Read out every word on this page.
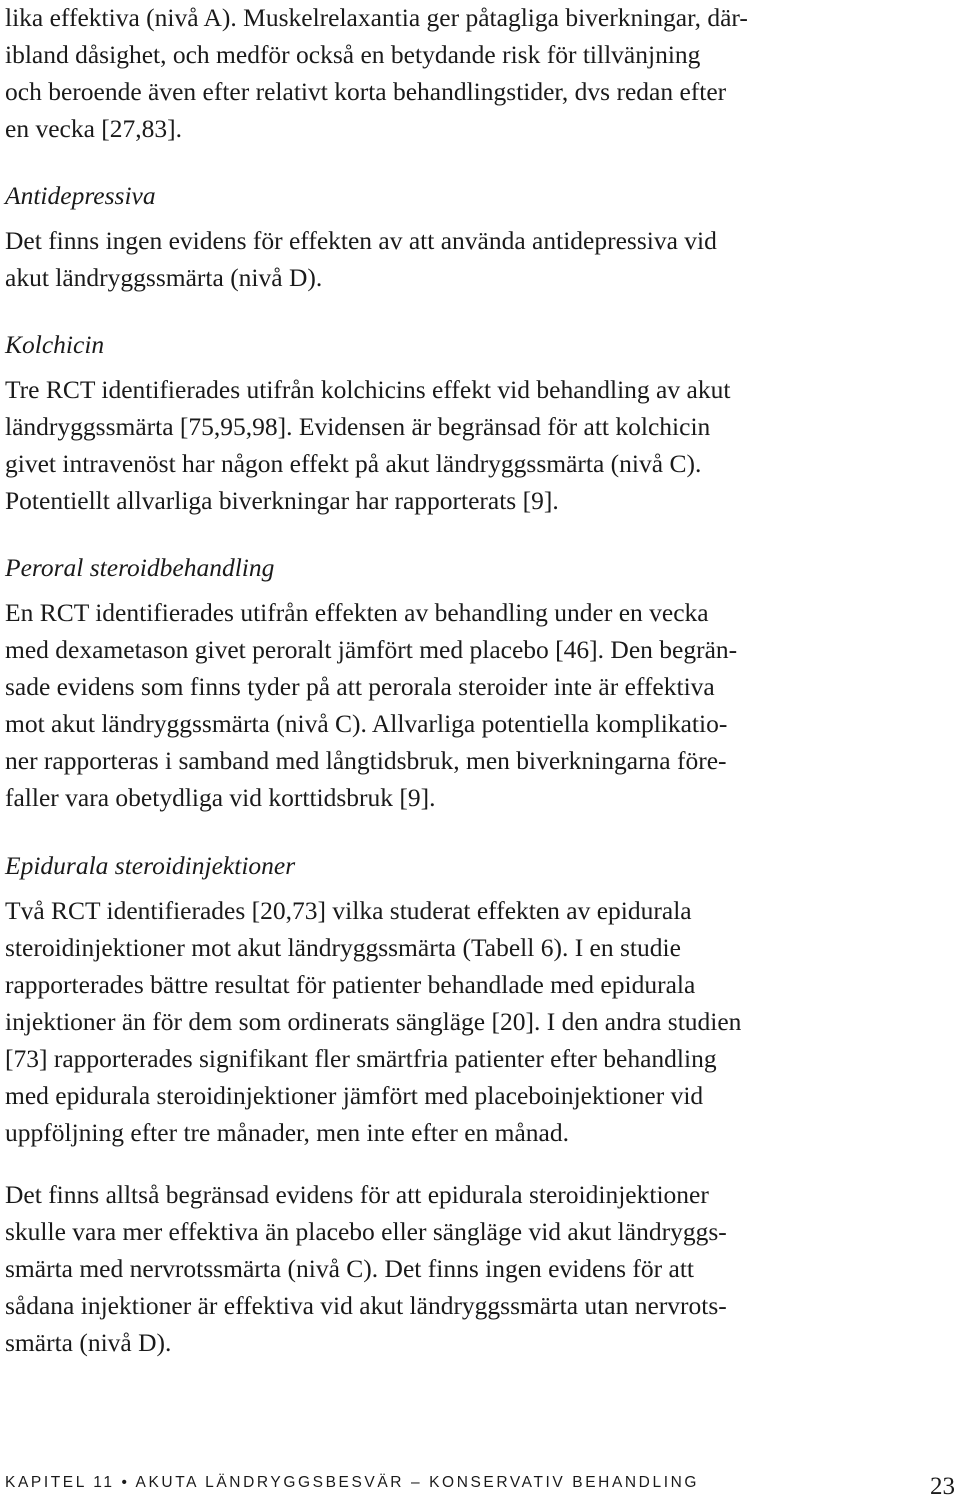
lika effektiva (nivå A). Muskelrelaxantia ger påtagliga biverkningar, där-
ibland dåsighet, och medför också en betydande risk för tillvänjning
och beroende även efter relativt korta behandlingstider, dvs redan efter
en vecka [27,83].
Antidepressiva
Det finns ingen evidens för effekten av att använda antidepressiva vid
akut ländryggssmärta (nivå D).
Kolchicin
Tre RCT identifierades utifrån kolchicins effekt vid behandling av akut
ländryggssmärta [75,95,98]. Evidensen är begränsad för att kolchicin
givet intravenöst har någon effekt på akut ländryggssmärta (nivå C).
Potentiellt allvarliga biverkningar har rapporterats [9].
Peroral steroidbehandling
En RCT identifierades utifrån effekten av behandling under en vecka
med dexametason givet peroralt jämfört med placebo [46]. Den begrän-
sade evidens som finns tyder på att perorala steroider inte är effektiva
mot akut ländryggssmärta (nivå C). Allvarliga potentiella komplikatio-
ner rapporteras i samband med långtidsbruk, men biverkningarna före-
faller vara obetydliga vid korttidsbruk [9].
Epidurala steroidinjektioner
Två RCT identifierades [20,73] vilka studerat effekten av epidurala
steroidinjektioner mot akut ländryggssmärta (Tabell 6). I en studie
rapporterades bättre resultat för patienter behandlade med epidurala
injektioner än för dem som ordinerats sängläge [20]. I den andra studien
[73] rapporterades signifikant fler smärtfria patienter efter behandling
med epidurala steroidinjektioner jämfört med placeboinjektioner vid
uppföljning efter tre månader, men inte efter en månad.
Det finns alltså begränsad evidens för att epidurala steroidinjektioner
skulle vara mer effektiva än placebo eller sängläge vid akut ländryggs-
smärta med nervrotssmärta (nivå C). Det finns ingen evidens för att
sådana injektioner är effektiva vid akut ländryggssmärta utan nervrots-
smärta (nivå D).
KAPITEL 11 • AKUTA LÄNDRYGGSBESVÄR – KONSERVATIV BEHANDLING	23
